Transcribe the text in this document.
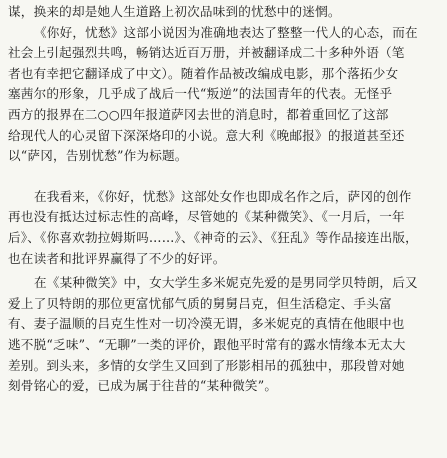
谋，换来的却是她人生道路上初次品味到的忧愁中的迷惘。
《你好，忧愁》这部小说因为准确地表达了整整一代人的心态，而在
社会上引起强烈共鸣，畅销达近百万册，并被翻译成二十多种外语（笔
者也有幸把它翻译成了中文）。随着作品被改编成电影，那个落拓少女
塞茜尔的形象，几乎成了战后一代“叛逆”的法国青年的代表。无怪乎
西方的报界在二○○四年报道萨冈去世的消息时，都着重回忆了这部
给现代人的心灵留下深深烙印的小说。意大利《晚邮报》的报道甚至还
以“萨冈，告别忧愁”作为标题。
在我看来，《你好，忧愁》这部处女作也即成名作之后，萨冈的创作
再也没有抵达过标志性的高峰，尽管她的《某种微笑》、《一月后，一年
后》、《你喜欢勃拉姆斯吗……》、《神奇的云》、《狂乱》等作品接连出版，
也在读者和批评界赢得了不少的好评。
在《某种微笑》中，女大学生多米妮克先爱的是男同学贝特朗，后又
爱上了贝特朗的那位更富忧郁气质的舅舅吕克，但生活稳定、手头富
有、妻子温顺的吕克生性对一切冷漠无谓，多米妮克的真情在他眼中也
逃不脱“乏味”、“无聊”一类的评价，跟他平时常有的露水情缘本无太大
差别。到头来，多情的女学生又回到了形影相吊的孤独中，那段曾对她
刻骨铭心的爱，已成为属于往昔的“某种微笑”。
